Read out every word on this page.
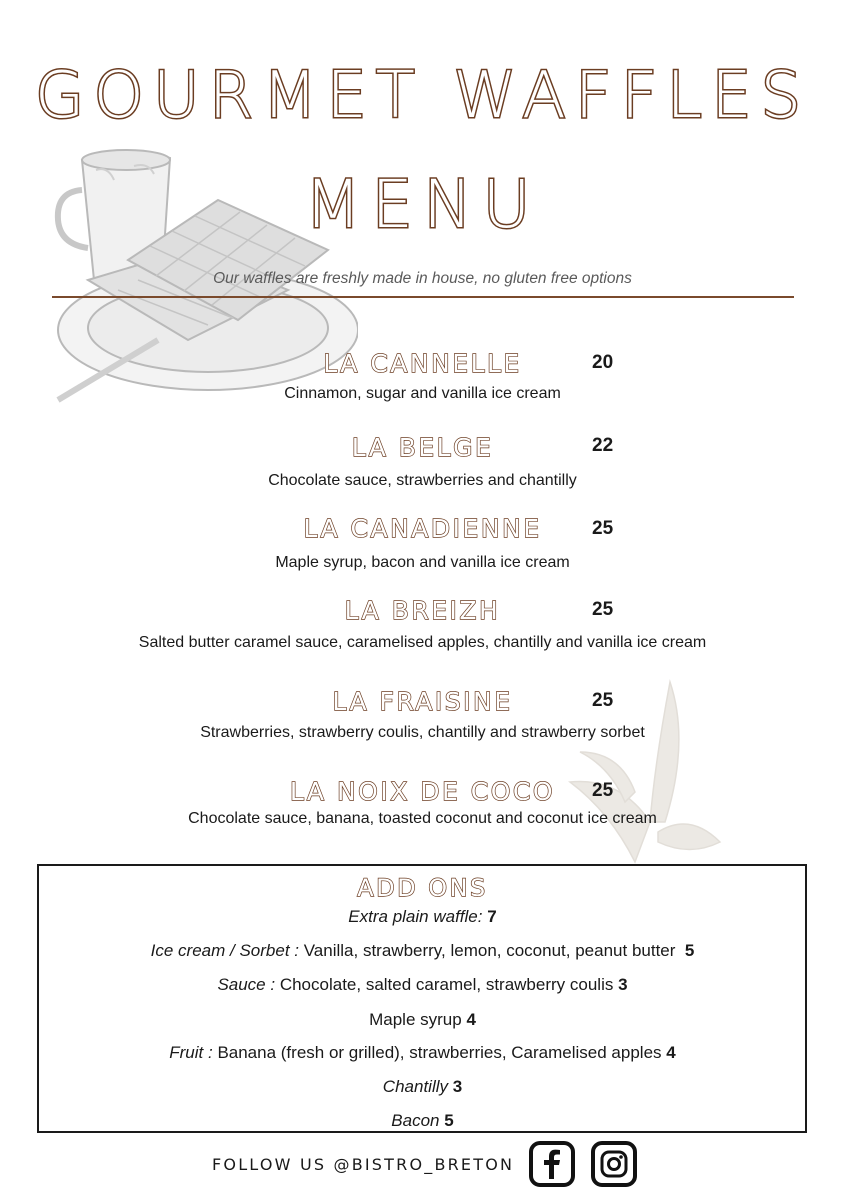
GOURMET WAFFLES
MENU
Our waffles are freshly made in house, no gluten free options
LA CANNELLE	20
Cinnamon, sugar and vanilla ice cream
LA BELGE	22
Chocolate sauce, strawberries and chantilly
LA CANADIENNE	25
Maple syrup, bacon and vanilla ice cream
LA BREIZH	25
Salted butter caramel sauce, caramelised apples, chantilly and vanilla ice cream
LA FRAISINE	25
Strawberries, strawberry coulis, chantilly and strawberry sorbet
LA NOIX DE COCO	25
Chocolate sauce, banana, toasted coconut and coconut ice cream
ADD ONS
Extra plain waffle: 7
Ice cream / Sorbet : Vanilla, strawberry, lemon, coconut, peanut butter 5
Sauce : Chocolate, salted caramel, strawberry coulis 3
Maple syrup 4
Fruit : Banana (fresh or grilled), strawberries, Caramelised apples 4
Chantilly 3
Bacon 5
FOLLOW US @BISTRO_BRETON
